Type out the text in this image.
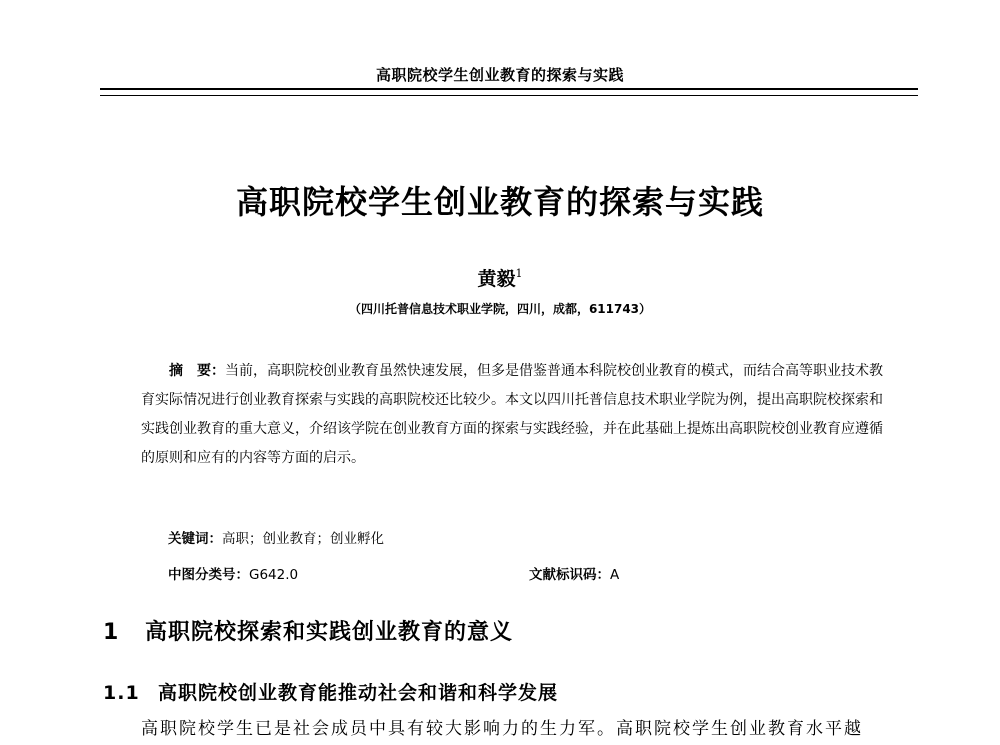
高职院校学生创业教育的探索与实践
高职院校学生创业教育的探索与实践
黄毅$^1$
（四川托普信息技术职业学院，四川，成都，611743）
摘　要：当前，高职院校创业教育虽然快速发展，但多是借鉴普通本科院校创业教育的模式，而结合高等职业技术教育实际情况进行创业教育探索与实践的高职院校还比较少。本文以四川托普信息技术职业学院为例，提出高职院校探索和实践创业教育的重大意义，介绍该学院在创业教育方面的探索与实践经验，并在此基础上提炼出高职院校创业教育应遵循的原则和应有的内容等方面的启示。
关键词：高职；创业教育；创业孵化
中图分类号：G642.0	文献标识码：A
1 高职院校探索和实践创业教育的意义
1.1 高职院校创业教育能推动社会和谐和科学发展
高职院校学生已是社会成员中具有较大影响力的生力军。高职院校学生创业教育水平越
